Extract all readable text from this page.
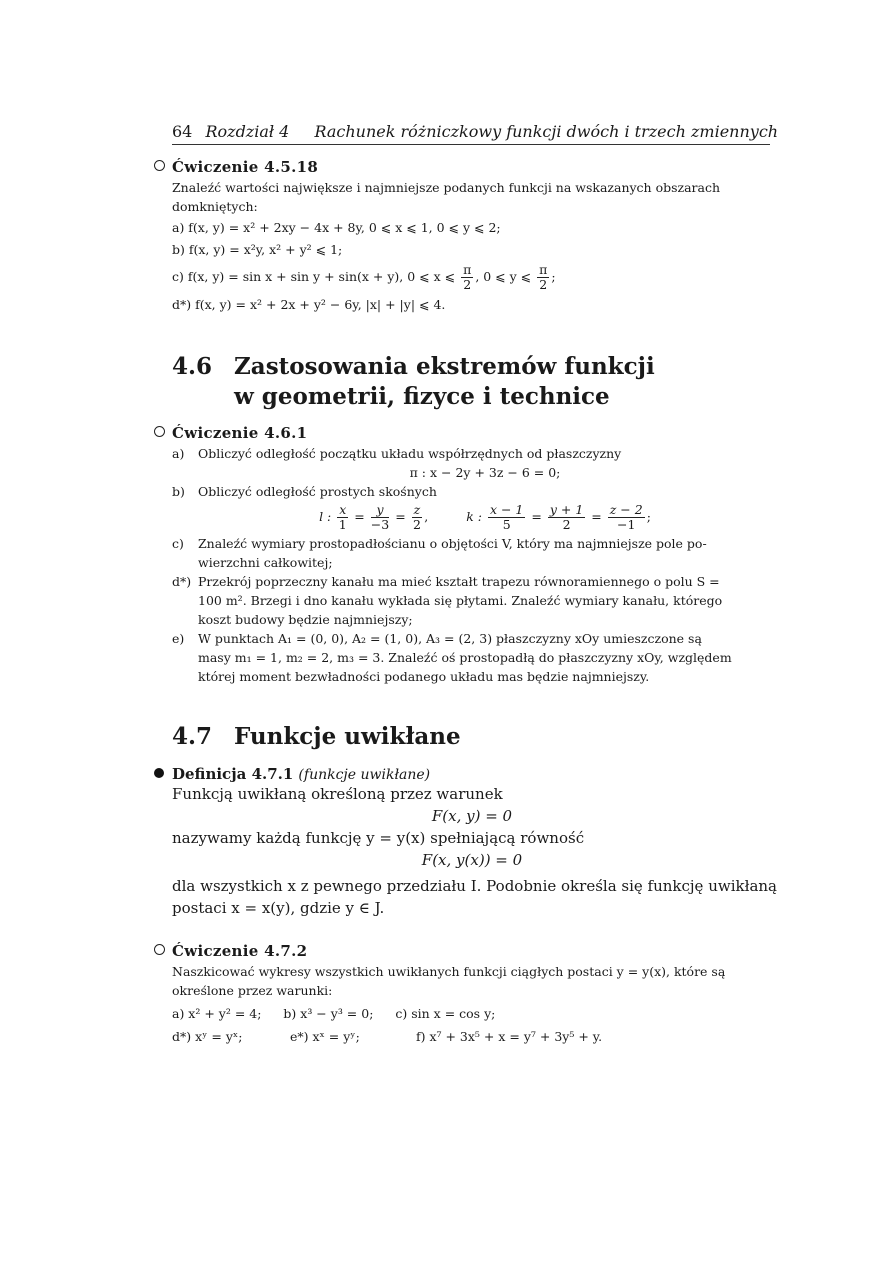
64 Rozdział 4 Rachunek różniczkowy funkcji dwóch i trzech zmiennych
Ćwiczenie 4.5.18
Znaleźć wartości największe i najmniejsze podanych funkcji na wskazanych obszarach
domkniętych:
a) f(x, y) = x² + 2xy − 4x + 8y, 0 ⩽ x ⩽ 1, 0 ⩽ y ⩽ 2;
b) f(x, y) = x²y, x² + y² ⩽ 1;
c) f(x, y) = sin x + sin y + sin(x + y), 0 ⩽ x ⩽ $\frac{\pi}{2}$ , 0 ⩽ y ⩽ $\frac{\pi}{2}$ ;
d*) f(x, y) = x² + 2x + y² − 6y, |x| + |y| ⩽ 4.
4.6 Zastosowania ekstremów funkcji
w geometrii, fizyce i technice
Ćwiczenie 4.6.1
a) Obliczyć odległość początku układu współrzędnych od płaszczyzny
π : x − 2y + 3z − 6 = 0;
b) Obliczyć odległość prostych skośnych
l : $\frac{x}{1} = \frac{y}{-3} = \frac{z}{2}$ ,	k : $\frac{x - 1}{5} = \frac{y + 1}{2} = \frac{z - 2}{-1}$ ;
c) Znaleźć wymiary prostopadłościanu o objętości V, który ma najmniejsze pole po-
wierzchni całkowitej;
d*) Przekrój poprzeczny kanału ma mieć kształt trapezu równoramiennego o polu S =
100 m². Brzegi i dno kanału wykłada się płytami. Znaleźć wymiary kanału, którego
koszt budowy będzie najmniejszy;
e) W punktach A₁ = (0, 0), A₂ = (1, 0), A₃ = (2, 3) płaszczyzny xOy umieszczone są
masy m₁ = 1, m₂ = 2, m₃ = 3. Znaleźć oś prostopadłą do płaszczyzny xOy, względem
której moment bezwładności podanego układu mas będzie najmniejszy.
4.7 Funkcje uwikłane
Definicja 4.7.1 (funkcje uwikłane)
Funkcją uwikłaną określoną przez warunek
F(x, y) = 0
nazywamy każdą funkcję y = y(x) spełniającą równość
F(x, y(x)) = 0
dla wszystkich x z pewnego przedziału I. Podobnie określa się funkcję uwikłaną
postaci x = x(y), gdzie y ∈ J.
Ćwiczenie 4.7.2
Naszkicować wykresy wszystkich uwikłanych funkcji ciągłych postaci y = y(x), które są
określone przez warunki:
a) x² + y² = 4; b) x³ − y³ = 0; c) sin x = cos y;
d*) xʸ = yˣ;	e*) xˣ = yʸ;	f) x⁷ + 3x⁵ + x = y⁷ + 3y⁵ + y.
